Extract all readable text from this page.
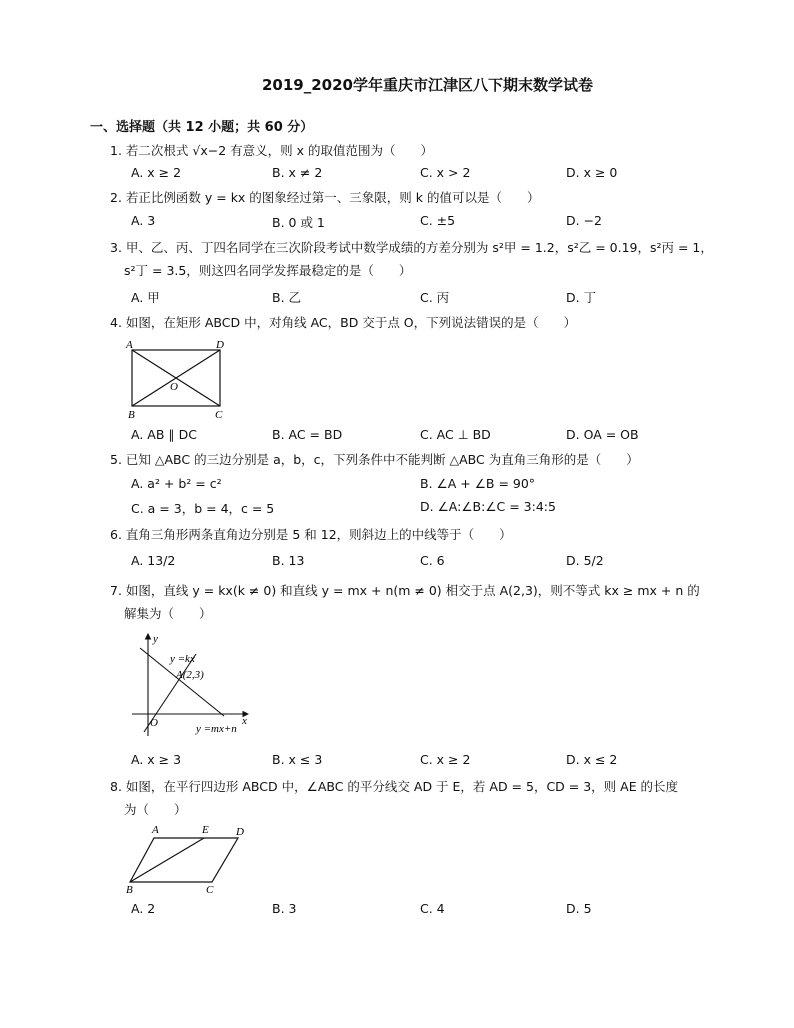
2019_2020学年重庆市江津区八下期末数学试卷
一、选择题（共 12 小题；共 60 分）
1. 若二次根式 √x−2 有意义，则 x 的取值范围为（　　）
A. x ≥ 2	B. x ≠ 2	C. x > 2	D. x ≥ 0
2. 若正比例函数 y = kx 的图象经过第一、三象限，则 k 的值可以是（　　）
A. 3	B. 0 或 1	C. ±5	D. −2
3. 甲、乙、丙、丁四名同学在三次阶段考试中数学成绩的方差分别为 s²甲 = 1.2，s²乙 = 0.19，s²丙 = 1，
s²丁 = 3.5，则这四名同学发挥最稳定的是（　　）
A. 甲	B. 乙	C. 丙	D. 丁
4. 如图，在矩形 ABCD 中，对角线 AC，BD 交于点 O，下列说法错误的是（　　）
A	D
B	C
O
A. AB ∥ DC	B. AC = BD	C. AC ⊥ BD	D. OA = OB
5. 已知 △ABC 的三边分别是 a，b，c，下列条件中不能判断 △ABC 为直角三角形的是（　　）
A. a² + b² = c²	B. ∠A + ∠B = 90°
C. a = 3，b = 4，c = 5	D. ∠A:∠B:∠C = 3:4:5
6. 直角三角形两条直角边分别是 5 和 12，则斜边上的中线等于（　　）
A. 13/2	B. 13	C. 6	D. 5/2
7. 如图，直线 y = kx(k ≠ 0) 和直线 y = mx + n(m ≠ 0) 相交于点 A(2,3)，则不等式 kx ≥ mx + n 的
解集为（　　）
y
x
O
y =kx
A(2,3)
y =mx+n
A. x ≥ 3	B. x ≤ 3	C. x ≥ 2	D. x ≤ 2
8. 如图，在平行四边形 ABCD 中，∠ABC 的平分线交 AD 于 E，若 AD = 5，CD = 3，则 AE 的长度
为（　　）
A	E D
B	C
A. 2	B. 3	C. 4	D. 5
